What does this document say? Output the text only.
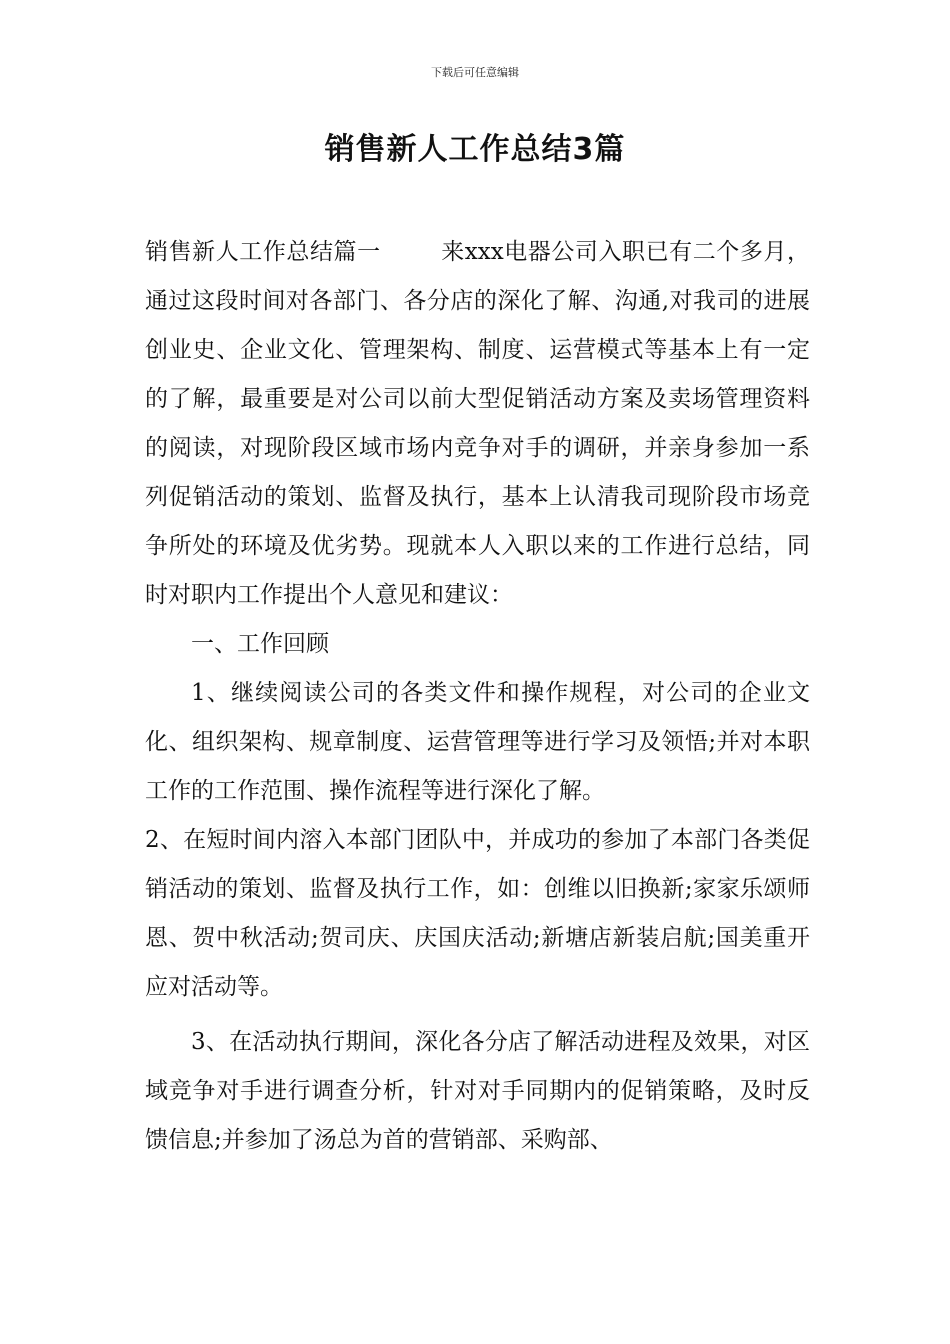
下载后可任意编辑
销售新人工作总结3篇

销售新人工作总结篇一	来xxx电器公司入职已有二个多月，通过这段时间对各部门、各分店的深化了解、沟通,对我司的进展创业史、企业文化、管理架构、制度、运营模式等基本上有一定的了解，最重要是对公司以前大型促销活动方案及卖场管理资料的阅读，对现阶段区域市场内竞争对手的调研，并亲身参加一系列促销活动的策划、监督及执行，基本上认清我司现阶段市场竞争所处的环境及优劣势。现就本人入职以来的工作进行总结，同时对职内工作提出个人意见和建议：

一、工作回顾

1、继续阅读公司的各类文件和操作规程，对公司的企业文化、组织架构、规章制度、运营管理等进行学习及领悟;并对本职工作的工作范围、操作流程等进行深化了解。

2、在短时间内溶入本部门团队中，并成功的参加了本部门各类促销活动的策划、监督及执行工作，如：创维以旧换新;家家乐颂师恩、贺中秋活动;贺司庆、庆国庆活动;新塘店新装启航;国美重开应对活动等。

3、在活动执行期间，深化各分店了解活动进程及效果，对区域竞争对手进行调查分析，针对对手同期内的促销策略，及时反馈信息;并参加了汤总为首的营销部、采购部、
